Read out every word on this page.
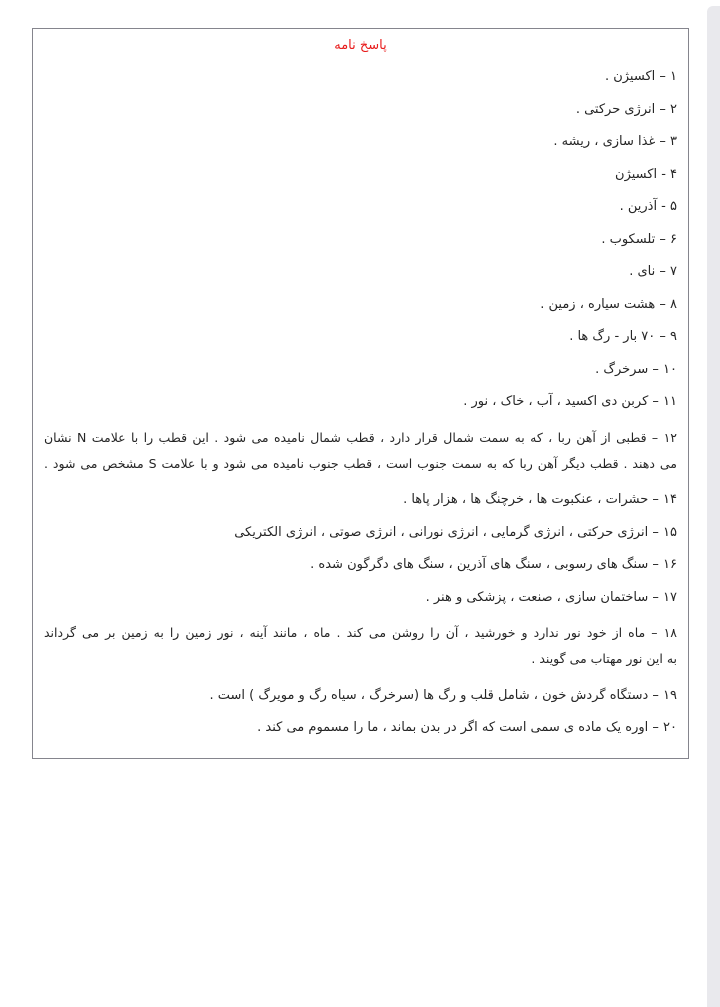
پاسخ نامه
۱ – اکسیژن .
۲ – انرژی حرکتی .
۳ – غذا سازی ، ریشه .
۴ - اکسیژن
۵ - آذرین .
۶ – تلسکوب .
۷ – نای .
۸ – هشت سیاره ، زمین .
۹ – ۷۰ بار - رگ ها .
۱۰ – سرخرگ .
۱۱ – کربن دی اکسید ، آب ، خاک ، نور .
۱۲ – قطبی از آهن ربا ، که به سمت شمال قرار دارد ، قطب شمال نامیده می شود . این قطب را با علامت N نشان
می دهند . قطب دیگر آهن ربا که به سمت جنوب است ، قطب جنوب نامیده می شود و با علامت S مشخص می شود .
۱۴ – حشرات ، عنکبوت ها ، خرچنگ ها ، هزار پاها .
۱۵ – انرژی حرکتی ، انرژی گرمایی ، انرژی نورانی ، انرژی صوتی ، انرژی الکتریکی
۱۶ – سنگ های رسوبی ، سنگ های آذرین ، سنگ های دگرگون شده .
۱۷ – ساختمان سازی ، صنعت ، پزشکی و هنر .
۱۸ – ماه از خود نور ندارد و خورشید ، آن را روشن می کند . ماه ، مانند آینه ، نور زمین را به زمین بر می گرداند
به این نور مهتاب می گویند .
۱۹ – دستگاه گردش خون ، شامل قلب و رگ ها (سرخرگ ، سیاه رگ و مویرگ ) است .
۲۰ – اوره یک ماده ی سمی است که اگر در بدن بماند ، ما را مسموم می کند .
